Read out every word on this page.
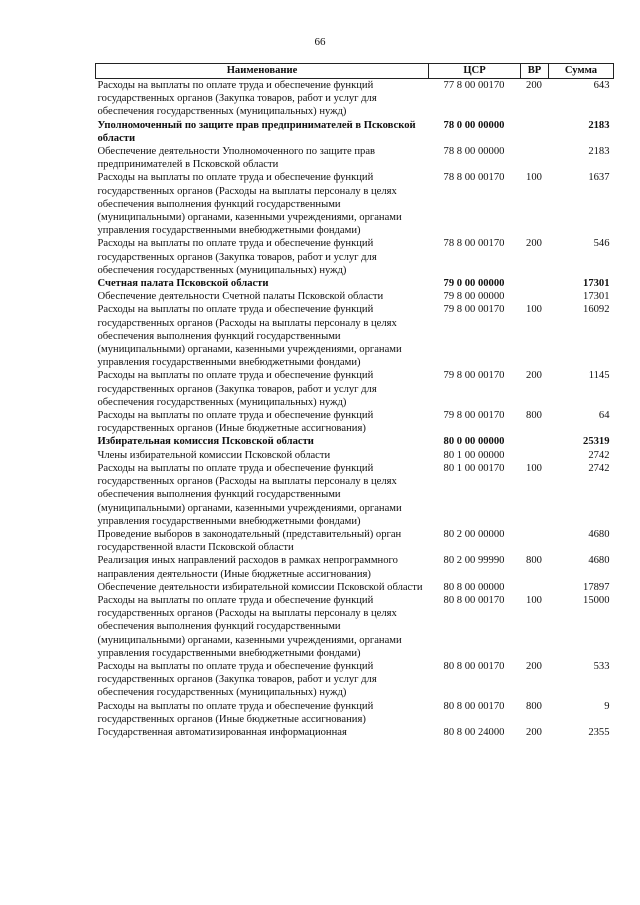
66
Наименование	ЦСР	ВР	Сумма
Расходы на выплаты по оплате труда и обеспечение функций государственных органов (Закупка товаров, работ и услуг для обеспечения государственных (муниципальных) нужд)	77 8 00 00170	200	643
Уполномоченный по защите прав предпринимателей в Псковской области	78 0 00 00000		2183
Обеспечение деятельности Уполномоченного по защите прав предпринимателей в Псковской области	78 8 00 00000		2183
Расходы на выплаты по оплате труда и обеспечение функций государственных органов (Расходы на выплаты персоналу в целях обеспечения выполнения функций государственными (муниципальными) органами, казенными учреждениями, органами управления государственными внебюджетными фондами)	78 8 00 00170	100	1637
Расходы на выплаты по оплате труда и обеспечение функций государственных органов (Закупка товаров, работ и услуг для обеспечения государственных (муниципальных) нужд)	78 8 00 00170	200	546
Счетная палата Псковской области	79 0 00 00000		17301
Обеспечение деятельности Счетной палаты Псковской области	79 8 00 00000		17301
Расходы на выплаты по оплате труда и обеспечение функций государственных органов (Расходы на выплаты персоналу в целях обеспечения выполнения функций государственными (муниципальными) органами, казенными учреждениями, органами управления государственными внебюджетными фондами)	79 8 00 00170	100	16092
Расходы на выплаты по оплате труда и обеспечение функций государственных органов (Закупка товаров, работ и услуг для обеспечения государственных (муниципальных) нужд)	79 8 00 00170	200	1145
Расходы на выплаты по оплате труда и обеспечение функций государственных органов (Иные бюджетные ассигнования)	79 8 00 00170	800	64
Избирательная комиссия Псковской области	80 0 00 00000		25319
Члены избирательной комиссии Псковской области	80 1 00 00000		2742
Расходы на выплаты по оплате труда и обеспечение функций государственных органов (Расходы на выплаты персоналу в целях обеспечения выполнения функций государственными (муниципальными) органами, казенными учреждениями, органами управления государственными внебюджетными фондами)	80 1 00 00170	100	2742
Проведение выборов в законодательный (представительный) орган государственной власти Псковской области	80 2 00 00000		4680
Реализация иных направлений расходов в рамках непрограммного направления деятельности (Иные бюджетные ассигнования)	80 2 00 99990	800	4680
Обеспечение деятельности избирательной комиссии Псковской области	80 8 00 00000		17897
Расходы на выплаты по оплате труда и обеспечение функций государственных органов (Расходы на выплаты персоналу в целях обеспечения выполнения функций государственными (муниципальными) органами, казенными учреждениями, органами управления государственными внебюджетными фондами)	80 8 00 00170	100	15000
Расходы на выплаты по оплате труда и обеспечение функций государственных органов (Закупка товаров, работ и услуг для обеспечения государственных (муниципальных) нужд)	80 8 00 00170	200	533
Расходы на выплаты по оплате труда и обеспечение функций государственных органов (Иные бюджетные ассигнования)	80 8 00 00170	800	9
Государственная автоматизированная информационная	80 8 00 24000	200	2355
